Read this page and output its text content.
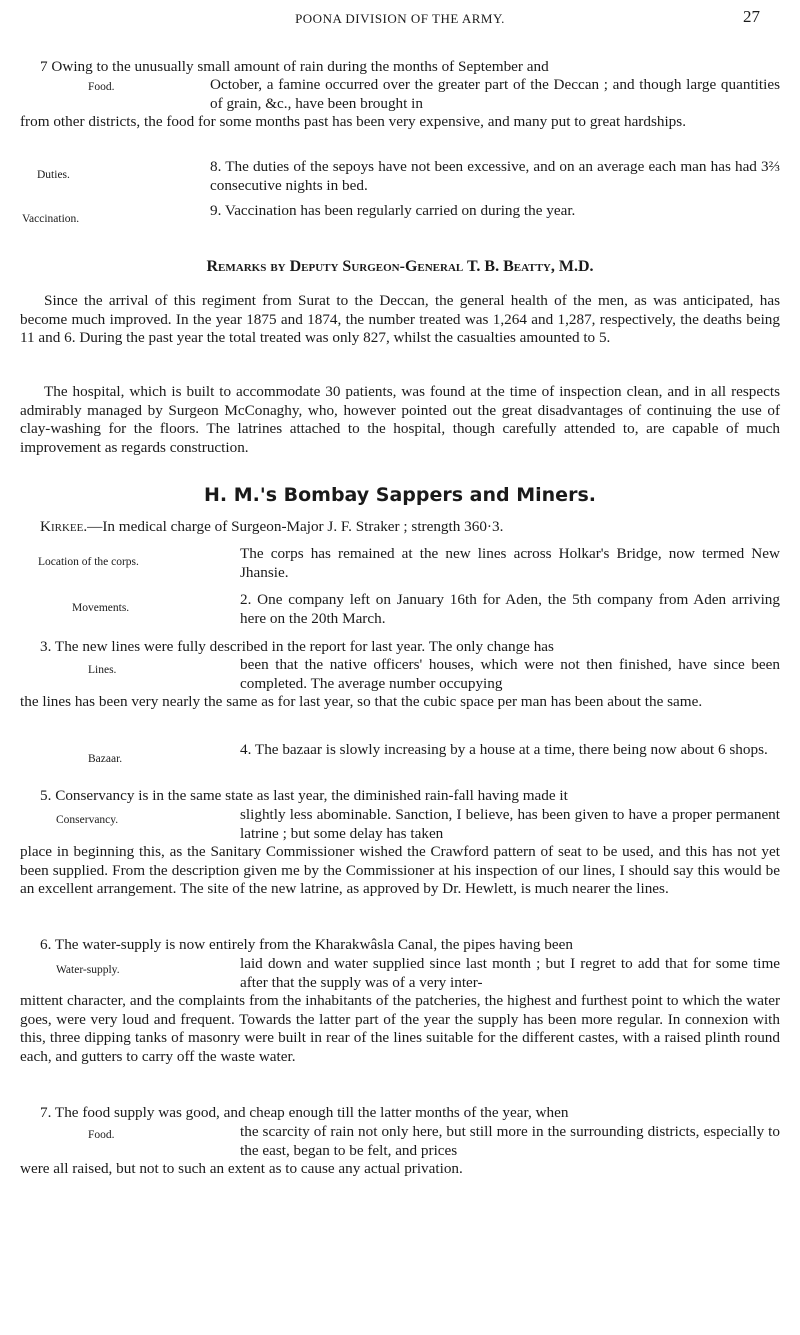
POONA DIVISION OF THE ARMY.	27
7 Owing to the unusually small amount of rain during the months of September and
Food.	October, a famine occurred over the greater part of the Deccan ; and though large quantities of grain, &c., have been brought in
from other districts, the food for some months past has been very expensive, and many put to great hardships.
Duties.	8. The duties of the sepoys have not been excessive, and on an average each man has had 3⅔ consecutive nights in bed.
Vaccination.	9. Vaccination has been regularly carried on during the year.
Remarks by Deputy Surgeon-General T. B. Beatty, M.D.

Since the arrival of this regiment from Surat to the Deccan, the general health of the men, as was anticipated, has become much improved. In the year 1875 and 1874, the number treated was 1,264 and 1,287, respectively, the deaths being 11 and 6. During the past year the total treated was only 827, whilst the casualties amounted to 5.

The hospital, which is built to accommodate 30 patients, was found at the time of inspection clean, and in all respects admirably managed by Surgeon McConaghy, who, however pointed out the great disadvantages of continuing the use of clay-washing for the floors. The latrines attached to the hospital, though carefully attended to, are capable of much improvement as regards construction.

H. M.'s Bombay Sappers and Miners.
Kirkee.—In medical charge of Surgeon-Major J. F. Straker ; strength 360·3.
Location of the corps.	The corps has remained at the new lines across Holkar's Bridge, now termed New Jhansie.
Movements.	2. One company left on January 16th for Aden, the 5th company from Aden arriving here on the 20th March.
3. The new lines were fully described in the report for last year. The only change has
Lines.	been that the native officers' houses, which were not then finished, have since been completed. The average number occupying
the lines has been very nearly the same as for last year, so that the cubic space per man has been about the same.
Bazaar.
4. The bazaar is slowly increasing by a house at a time, there being now about 6 shops.
5. Conservancy is in the same state as last year, the diminished rain-fall having made it
Conservancy.	slightly less abominable. Sanction, I believe, has been given to have a proper permanent latrine ; but some delay has taken
place in beginning this, as the Sanitary Commissioner wished the Crawford pattern of seat to be used, and this has not yet been supplied. From the description given me by the Commissioner at his inspection of our lines, I should say this would be an excellent arrangement. The site of the new latrine, as approved by Dr. Hewlett, is much nearer the lines.
6. The water-supply is now entirely from the Kharakwâsla Canal, the pipes having been
Water-supply.	laid down and water supplied since last month ; but I regret to add that for some time after that the supply was of a very inter-
mittent character, and the complaints from the inhabitants of the patcheries, the highest and furthest point to which the water goes, were very loud and frequent. Towards the latter part of the year the supply has been more regular. In connexion with this, three dipping tanks of masonry were built in rear of the lines suitable for the different castes, with a raised plinth round each, and gutters to carry off the waste water.
7. The food supply was good, and cheap enough till the latter months of the year, when
Food.	the scarcity of rain not only here, but still more in the surrounding districts, especially to the east, began to be felt, and prices
were all raised, but not to such an extent as to cause any actual privation.
